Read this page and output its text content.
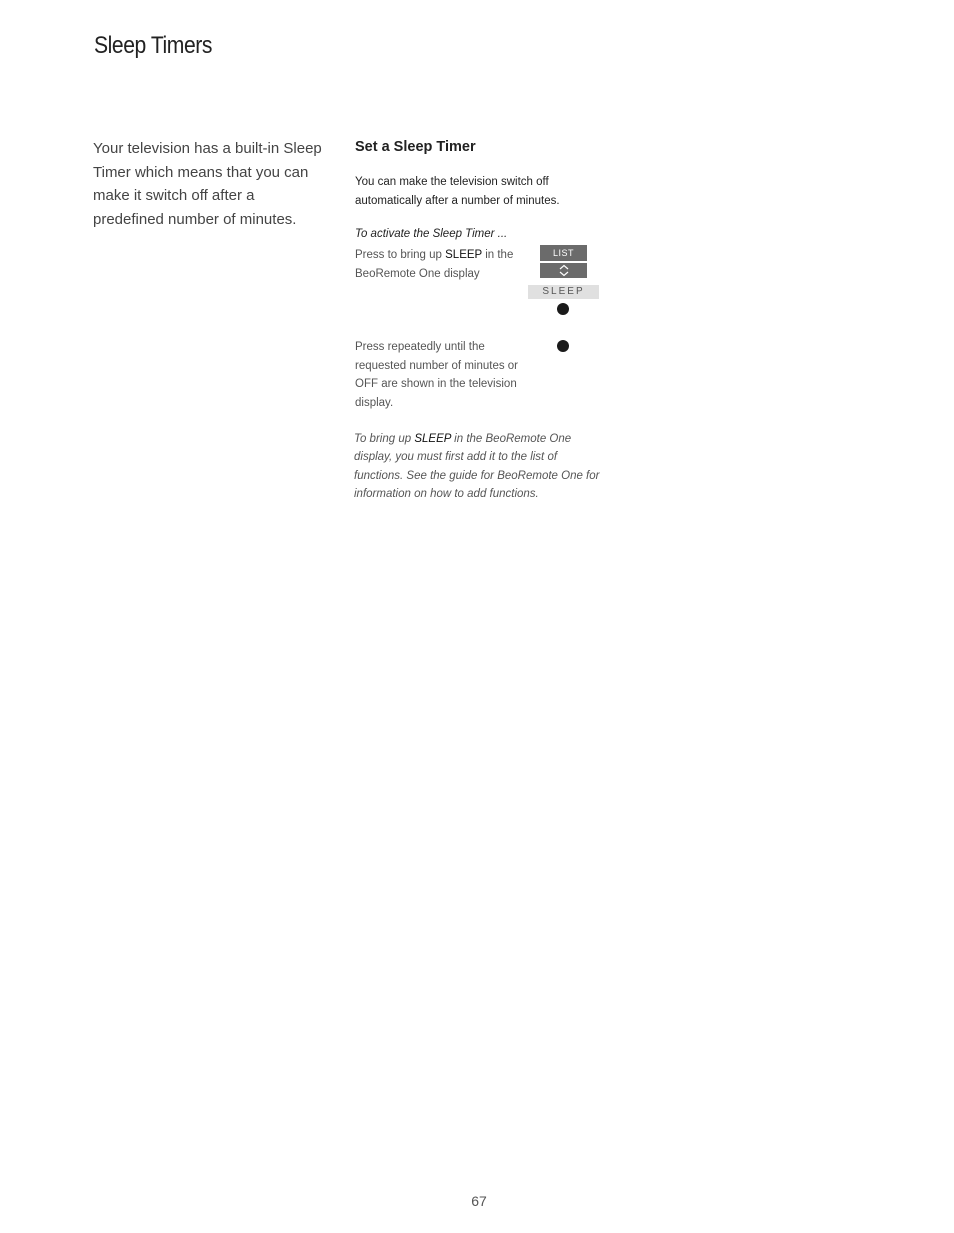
Sleep Timers

Your television has a built-in Sleep Timer which means that you can make it switch off after a predefined number of minutes.

Set a Sleep Timer

You can make the television switch off automatically after a number of minutes.

To activate the Sleep Timer ...

Press to bring up SLEEP in the BeoRemote One display

LIST
SLEEP

Press repeatedly until the requested number of minutes or OFF are shown in the television display.

To bring up SLEEP in the BeoRemote One display, you must first add it to the list of functions. See the guide for BeoRemote One for information on how to add functions.

67
